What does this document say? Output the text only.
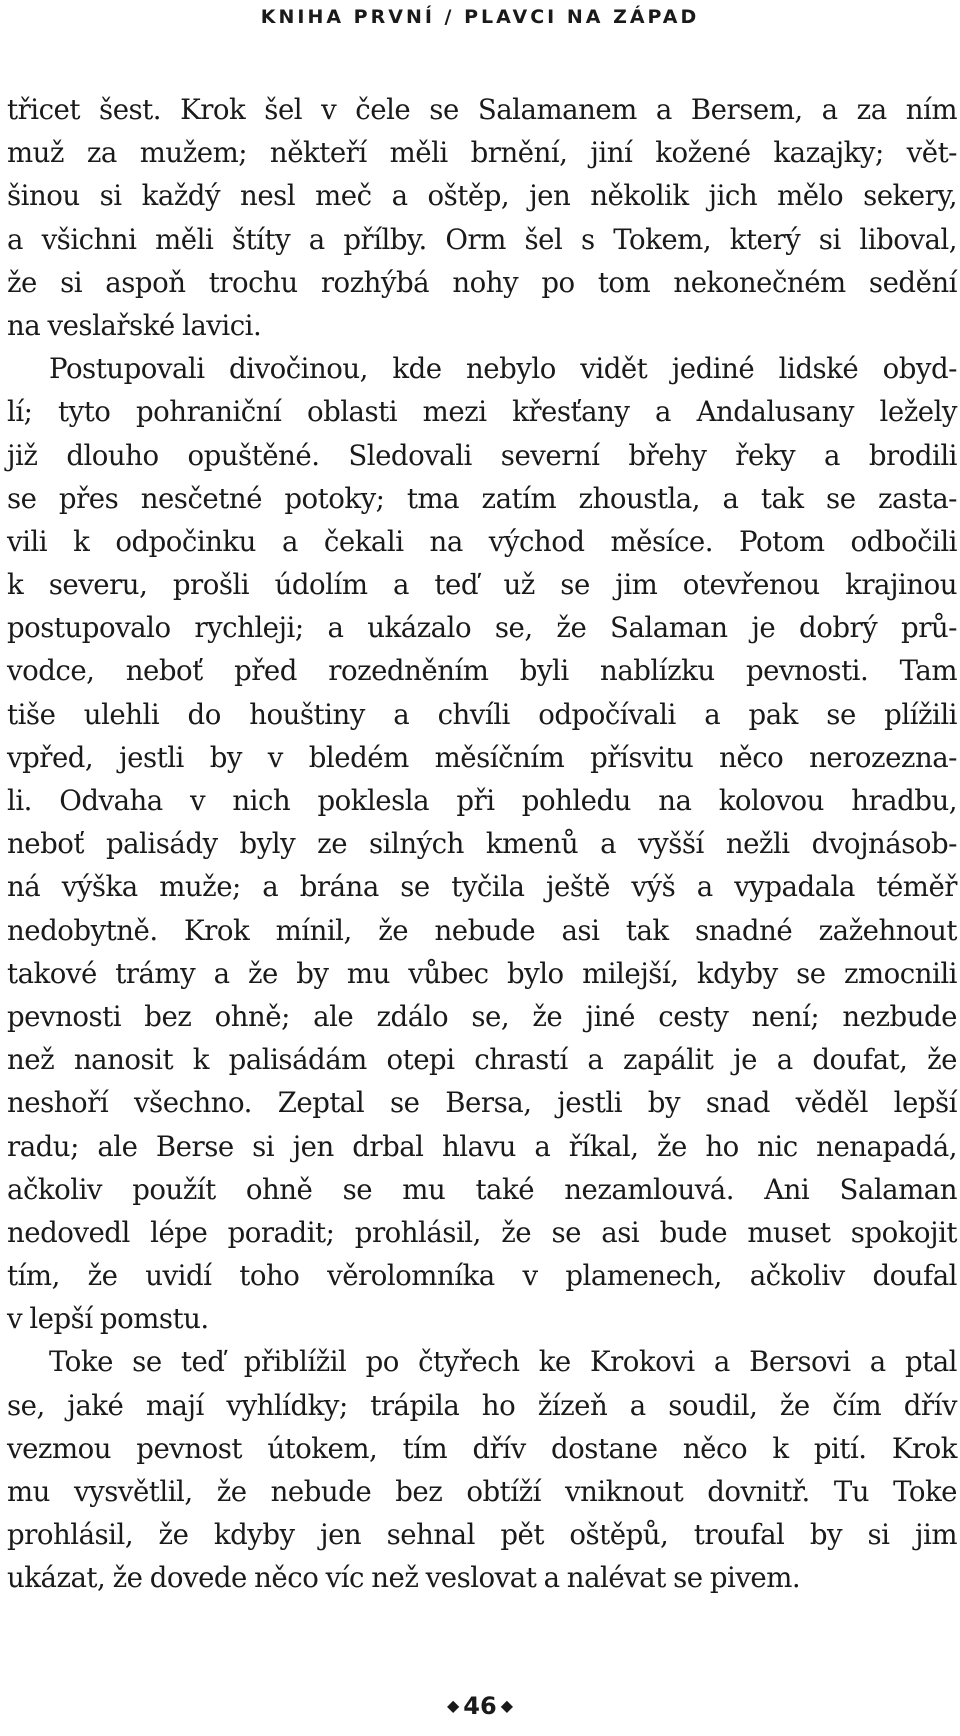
KNIHA PRVNÍ / PLAVCI NA ZÁPAD
třicet šest. Krok šel v čele se Salamanem a Bersem, a za ním
muž za mužem; někteří měli brnění, jiní kožené kazajky; vět-
šinou si každý nesl meč a oštěp, jen několik jich mělo sekery,
a všichni měli štíty a přílby. Orm šel s Tokem, který si liboval,
že si aspoň trochu rozhýbá nohy po tom nekonečném sedění
na veslařské lavici.
Postupovali divočinou, kde nebylo vidět jediné lidské obyd-
lí; tyto pohraniční oblasti mezi křesťany a Andalusany ležely
již dlouho opuštěné. Sledovali severní břehy řeky a brodili
se přes nesčetné potoky; tma zatím zhoustla, a tak se zasta-
vili k odpočinku a čekali na východ měsíce. Potom odbočili
k severu, prošli údolím a teď už se jim otevřenou krajinou
postupovalo rychleji; a ukázalo se, že Salaman je dobrý prů-
vodce, neboť před rozedněním byli nablízku pevnosti. Tam
tiše ulehli do houštiny a chvíli odpočívali a pak se plížili
vpřed, jestli by v bledém měsíčním přísvitu něco nerozezna-
li. Odvaha v nich poklesla při pohledu na kolovou hradbu,
neboť palisády byly ze silných kmenů a vyšší nežli dvojnásob-
ná výška muže; a brána se tyčila ještě výš a vypadala téměř
nedobytně. Krok mínil, že nebude asi tak snadné zažehnout
takové trámy a že by mu vůbec bylo milejší, kdyby se zmocnili
pevnosti bez ohně; ale zdálo se, že jiné cesty není; nezbude
než nanosit k palisádám otepi chrastí a zapálit je a doufat, že
neshoří všechno. Zeptal se Bersa, jestli by snad věděl lepší
radu; ale Berse si jen drbal hlavu a říkal, že ho nic nenapadá,
ačkoliv použít ohně se mu také nezamlouvá. Ani Salaman
nedovedl lépe poradit; prohlásil, že se asi bude muset spokojit
tím, že uvidí toho věrolomníka v plamenech, ačkoliv doufal
v lepší pomstu.
Toke se teď přiblížil po čtyřech ke Krokovi a Bersovi a ptal
se, jaké mají vyhlídky; trápila ho žízeň a soudil, že čím dřív
vezmou pevnost útokem, tím dřív dostane něco k pití. Krok
mu vysvětlil, že nebude bez obtíží vniknout dovnitř. Tu Toke
prohlásil, že kdyby jen sehnal pět oštěpů, troufal by si jim
ukázat, že dovede něco víc než veslovat a nalévat se pivem.
◆ 46 ◆
